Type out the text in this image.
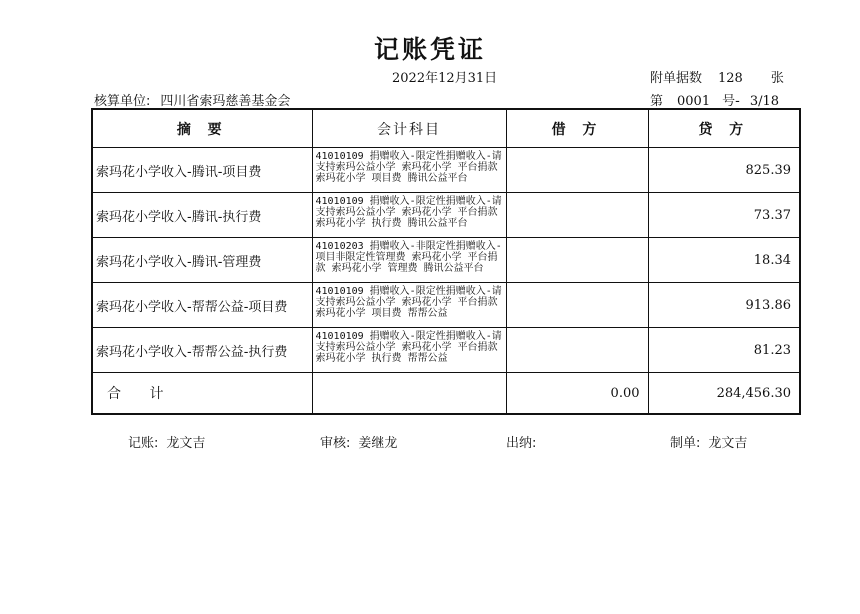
记账凭证
2022年12月31日	附单据数 128 张
核算单位: 四川省索玛慈善基金会	第 0001 号- 3/18
摘 要	会计科目	借 方	贷 方
索玛花小学收入-腾讯-项目费	41010109 捐赠收入-限定性捐赠收入-请支持索玛公益小学 索玛花小学 平台捐款 索玛花小学 项目费 腾讯公益平台		825.39
索玛花小学收入-腾讯-执行费	41010109 捐赠收入-限定性捐赠收入-请支持索玛公益小学 索玛花小学 平台捐款 索玛花小学 执行费 腾讯公益平台		73.37
索玛花小学收入-腾讯-管理费	41010203 捐赠收入-非限定性捐赠收入-项目非限定性管理费 索玛花小学 平台捐款 索玛花小学 管理费 腾讯公益平台		18.34
索玛花小学收入-帮帮公益-项目费	41010109 捐赠收入-限定性捐赠收入-请支持索玛公益小学 索玛花小学 平台捐款 索玛花小学 项目费 帮帮公益		913.86
索玛花小学收入-帮帮公益-执行费	41010109 捐赠收入-限定性捐赠收入-请支持索玛公益小学 索玛花小学 平台捐款 索玛花小学 执行费 帮帮公益		81.23
合 计		0.00	284,456.30
记账: 龙文吉	审核: 姜继龙	出纳:	制单: 龙文吉
